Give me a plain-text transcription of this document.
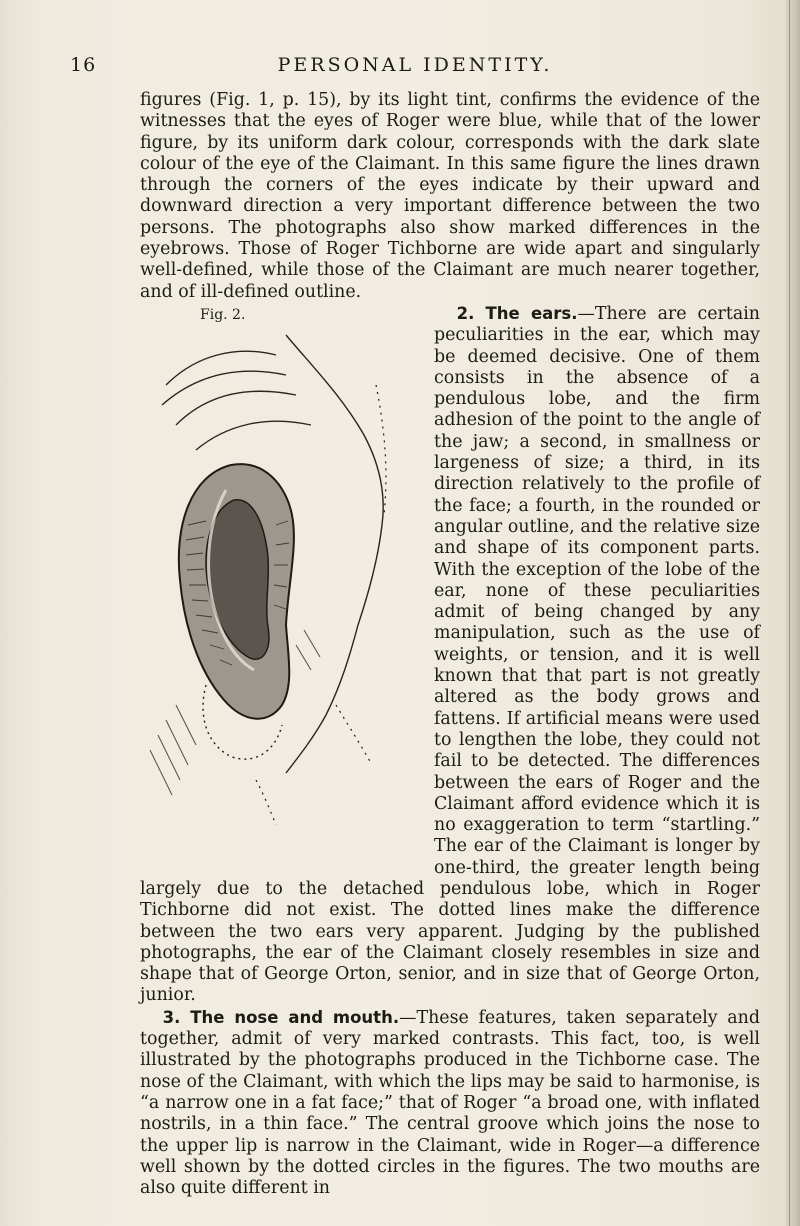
16	PERSONAL IDENTITY.

figures (Fig. 1, p. 15), by its light tint, confirms the evidence of the witnesses that the eyes of Roger were blue, while that of the lower figure, by its uniform dark colour, corresponds with the dark slate colour of the eye of the Claimant. In this same figure the lines drawn through the corners of the eyes indicate by their upward and downward direction a very important difference between the two persons. The photographs also show marked differences in the eyebrows. Those of Roger Tichborne are wide apart and singularly well-defined, while those of the Claimant are much nearer together, and of ill-defined outline.

Fig. 2.	2. The ears.—There are certain peculiarities in the ear, which may be deemed decisive. One of them consists in the absence of a pendulous lobe, and the firm adhesion of the point to the angle of the jaw; a second, in smallness or largeness of size; a third, in its direction relatively to the profile of the face; a fourth, in the rounded or angular outline, and the relative size and shape of its component parts. With the exception of the lobe of the ear, none of these peculiarities admit of being changed by any manipulation, such as the use of weights, or tension, and it is well known that that part is not greatly altered as the body grows and fattens. If artificial means were used to lengthen the lobe, they could not fail to be detected. The differences between the ears of Roger and the Claimant afford evidence which it is no exaggeration to term “startling.” The ear of the Claimant is longer by one-third, the greater length being largely due to the detached pendulous lobe, which in Roger Tichborne did not exist. The dotted lines make the difference between the two ears very apparent. Judging by the published photographs, the ear of the Claimant closely resembles in size and shape that of George Orton, senior, and in size that of George Orton, junior.

3. The nose and mouth.—These features, taken separately and together, admit of very marked contrasts. This fact, too, is well illustrated by the photographs produced in the Tichborne case. The nose of the Claimant, with which the lips may be said to harmonise, is “a narrow one in a fat face;” that of Roger “a broad one, with inflated nostrils, in a thin face.” The central groove which joins the nose to the upper lip is narrow in the Claimant, wide in Roger—a difference well shown by the dotted circles in the figures. The two mouths are also quite different in
